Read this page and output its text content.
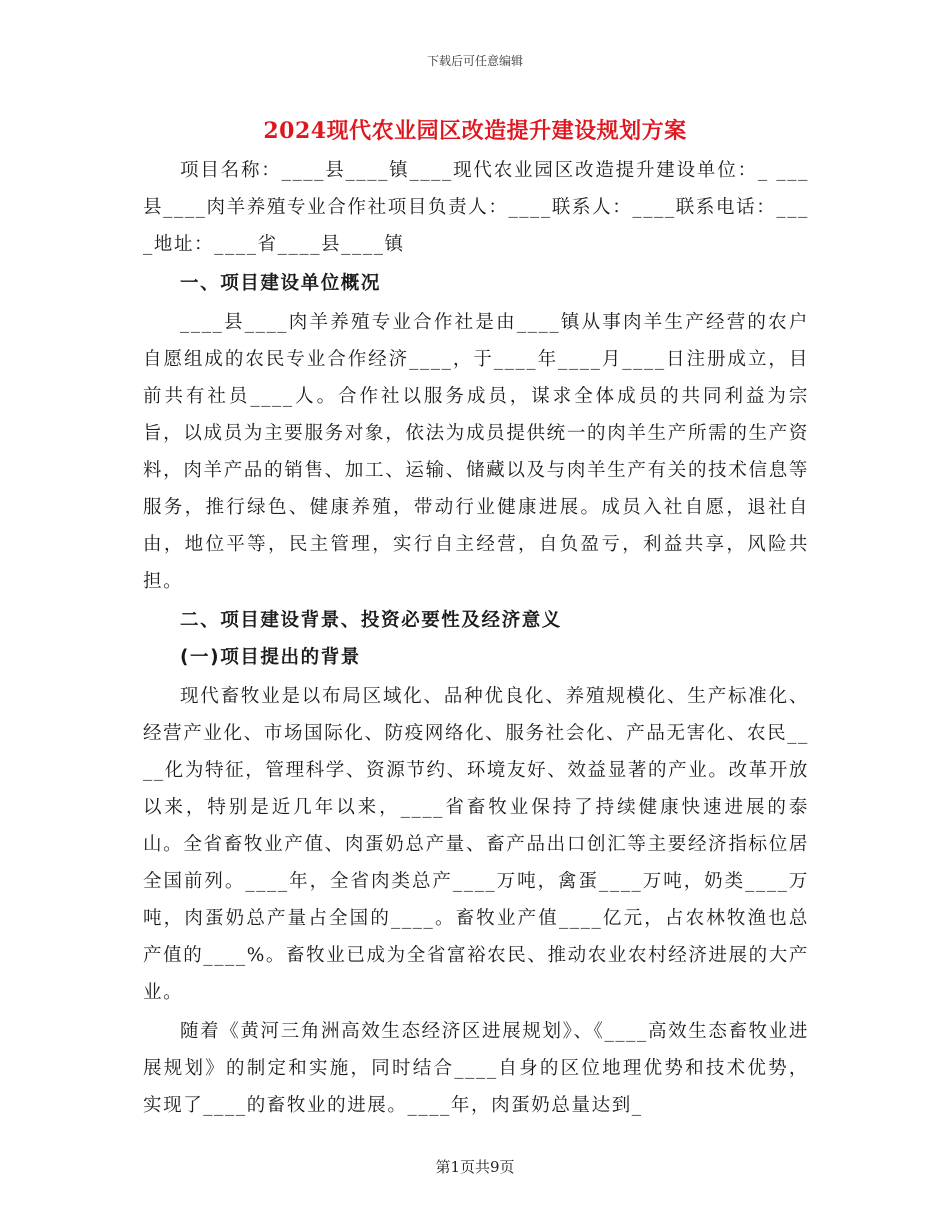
下载后可任意编辑
2024现代农业园区改造提升建设规划方案

项目名称：____县____镇____现代农业园区改造提升建设单位：_ ___县____肉羊养殖专业合作社项目负责人：____联系人：____联系电话：____地址：____省____县____镇

一、项目建设单位概况

____县____肉羊养殖专业合作社是由____镇从事肉羊生产经营的农户自愿组成的农民专业合作经济____，于____年____月____日注册成立，目前共有社员____人。合作社以服务成员，谋求全体成员的共同利益为宗旨，以成员为主要服务对象，依法为成员提供统一的肉羊生产所需的生产资料，肉羊产品的销售、加工、运输、储藏以及与肉羊生产有关的技术信息等服务，推行绿色、健康养殖，带动行业健康进展。成员入社自愿，退社自由，地位平等，民主管理，实行自主经营，自负盈亏，利益共享，风险共担。

二、项目建设背景、投资必要性及经济意义

(一)项目提出的背景

现代畜牧业是以布局区域化、品种优良化、养殖规模化、生产标准化、经营产业化、市场国际化、防疫网络化、服务社会化、产品无害化、农民____化为特征，管理科学、资源节约、环境友好、效益显著的产业。改革开放以来，特别是近几年以来，____省畜牧业保持了持续健康快速进展的泰山。全省畜牧业产值、肉蛋奶总产量、畜产品出口创汇等主要经济指标位居全国前列。____年，全省肉类总产____万吨，禽蛋____万吨，奶类____万吨，肉蛋奶总产量占全国的____。畜牧业产值____亿元，占农林牧渔也总产值的____%。畜牧业已成为全省富裕农民、推动农业农村经济进展的大产业。

随着《黄河三角洲高效生态经济区进展规划》、《____高效生态畜牧业进展规划》的制定和实施，同时结合____自身的区位地理优势和技术优势，实现了____的畜牧业的进展。____年，肉蛋奶总量达到_

第1页共9页
